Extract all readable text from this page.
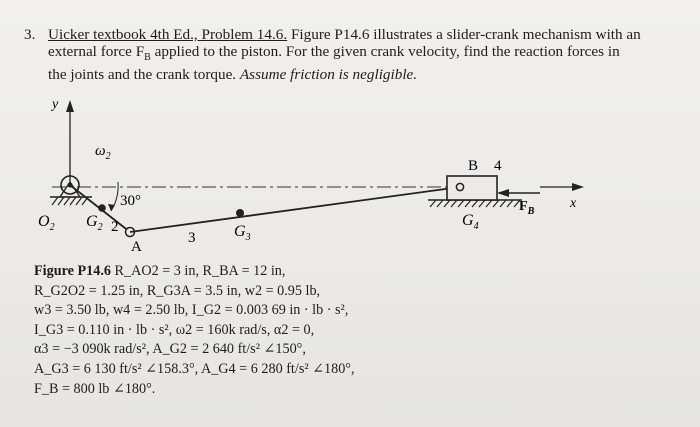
3. Uicker textbook 4th Ed., Problem 14.6. Figure P14.6 illustrates a slider-crank mechanism with an
external force $F_B$ applied to the piston. For the given crank velocity, find the reaction forces in
the joints and the crank torque. Assume friction is negligible.
y
$\omega_2$
30°
$O_2$ $G_2$ 2
A
3 $G_3$
B 4
$G_4$
$F_B$
x
Figure P14.6 R_AO2 = 3 in, R_BA = 12 in,
R_G2O2 = 1.25 in, R_G3A = 3.5 in, w2 = 0.95 lb,
w3 = 3.50 lb, w4 = 2.50 lb, I_G2 = 0.003 69 in · lb · s²,
I_G3 = 0.110 in · lb · s², ω2 = 160k rad/s, α2 = 0,
α3 = −3 090k rad/s², A_G2 = 2 640 ft/s² ∠150°,
A_G3 = 6 130 ft/s² ∠158.3°, A_G4 = 6 280 ft/s² ∠180°,
F_B = 800 lb ∠180°.
